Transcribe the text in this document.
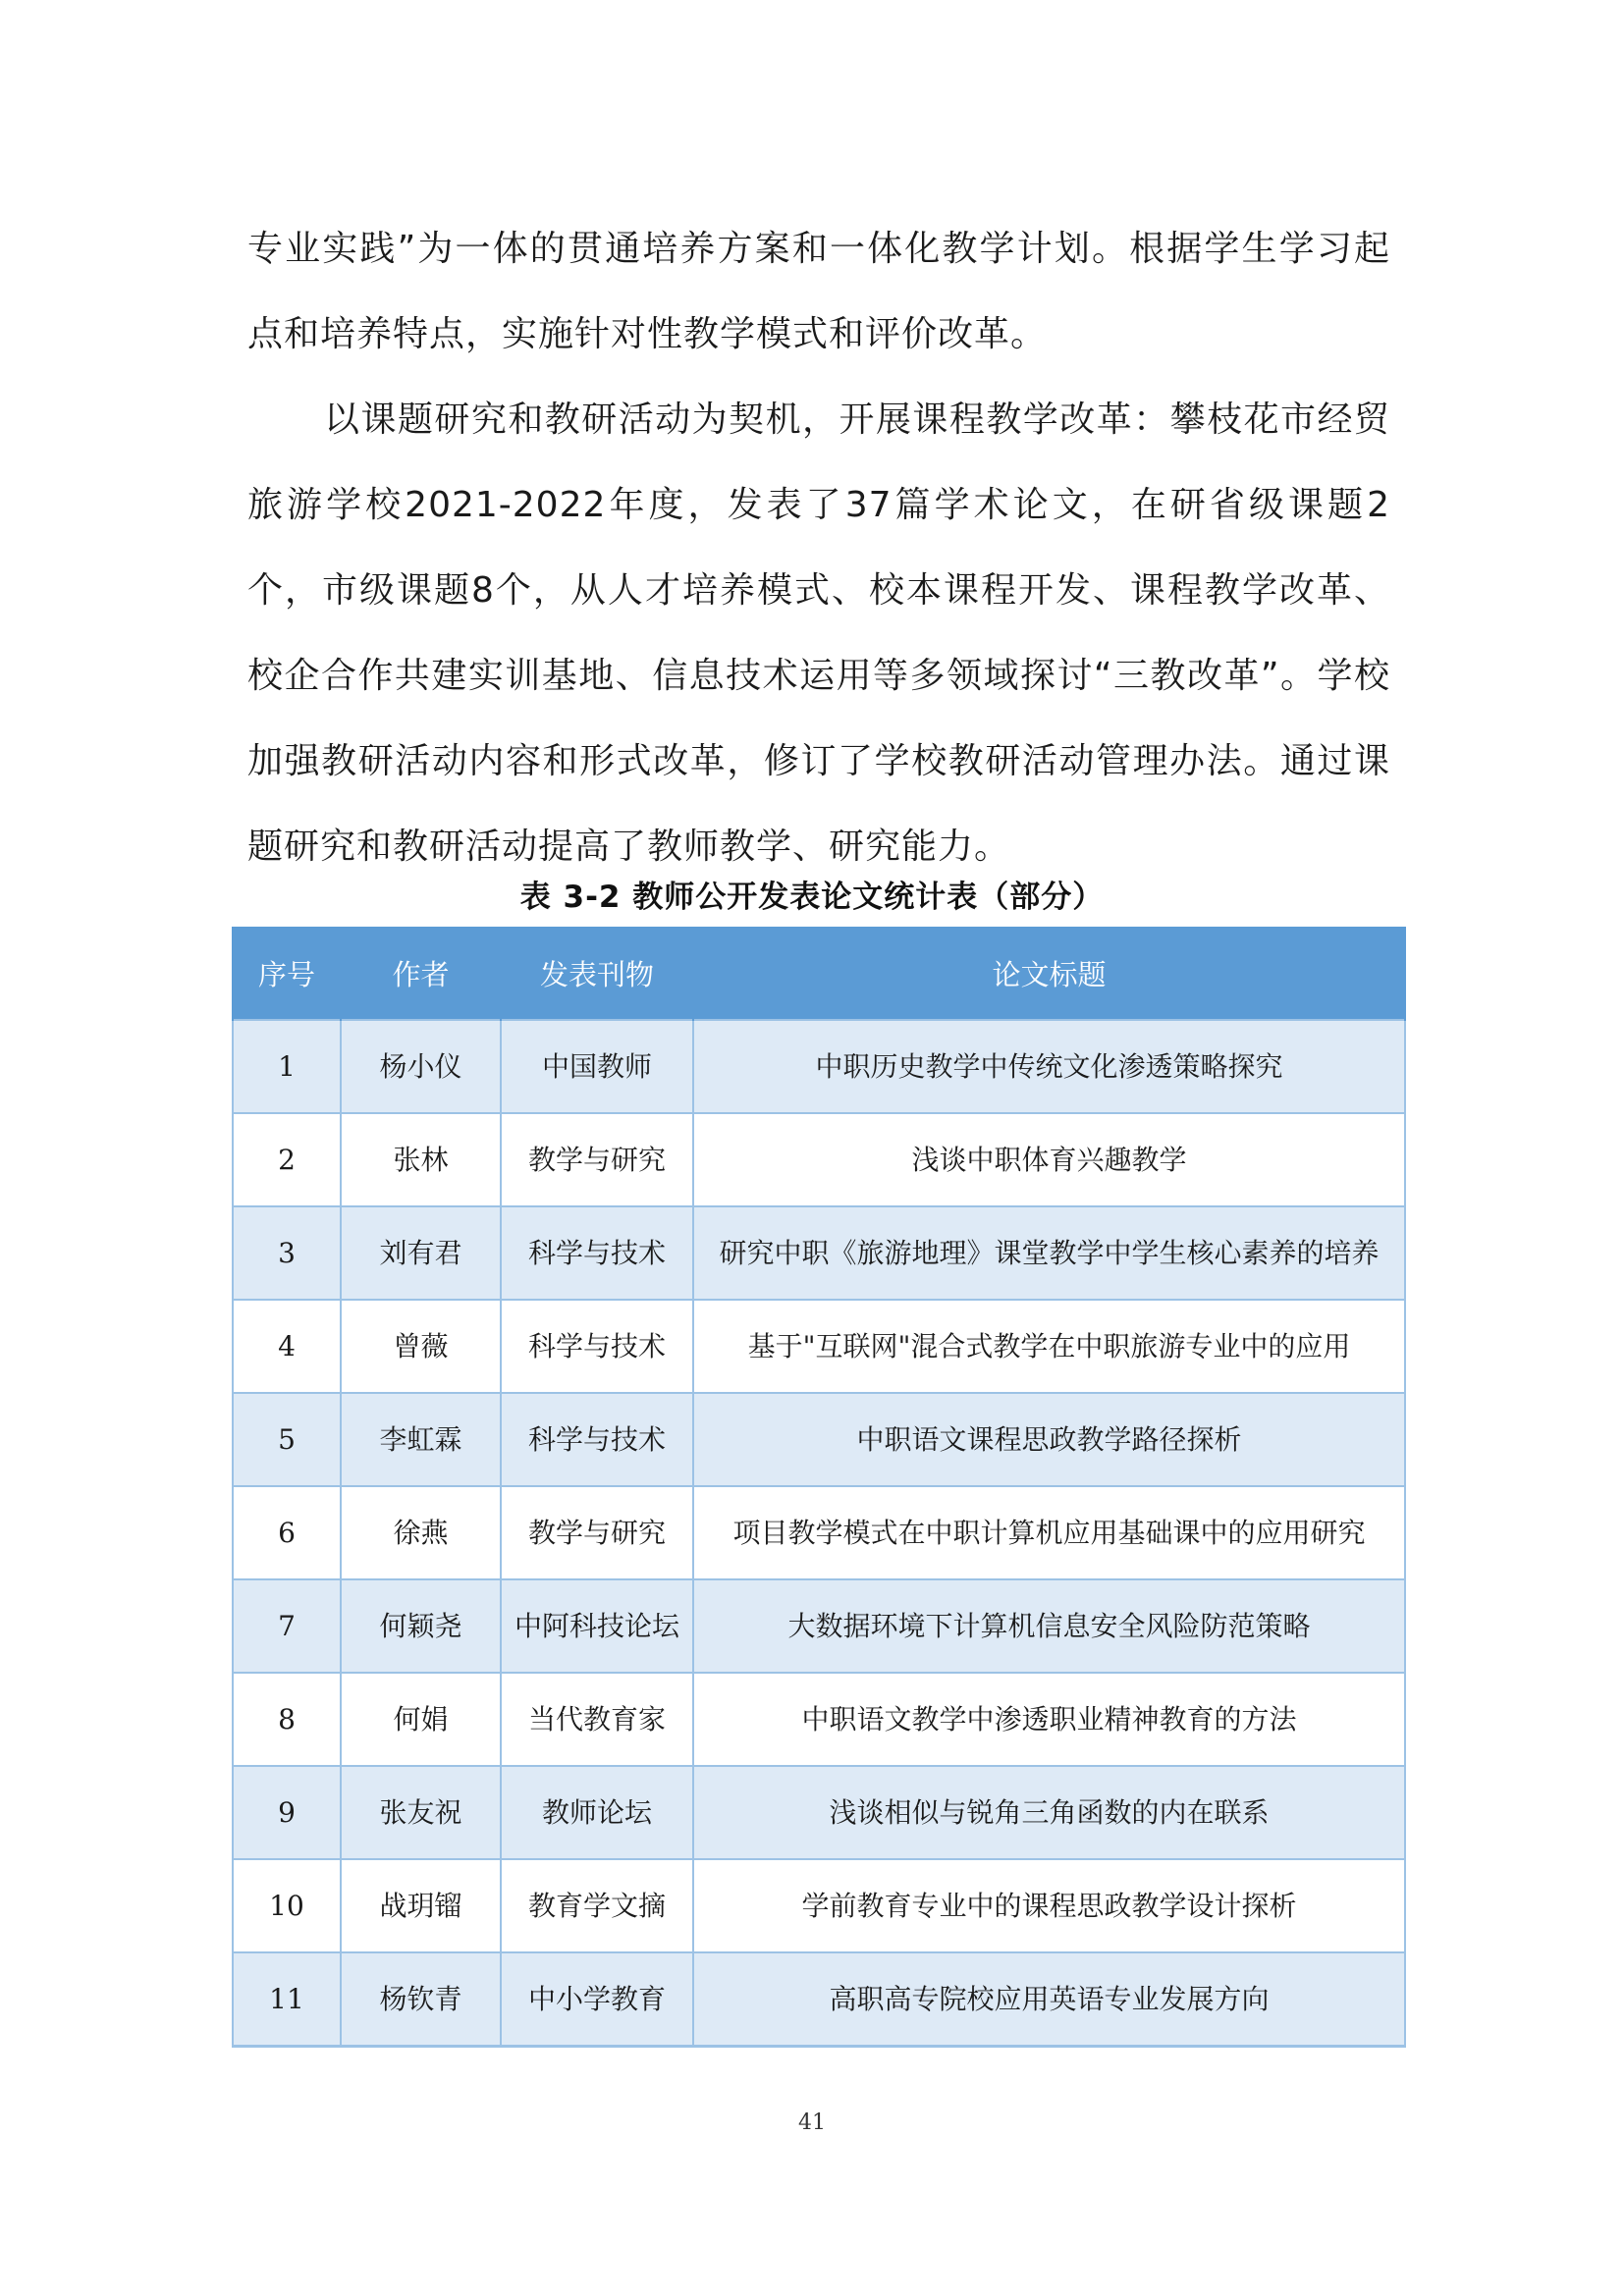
专业实践”为一体的贯通培养方案和一体化教学计划。根据学生学习起点和培养特点，实施针对性教学模式和评价改革。

以课题研究和教研活动为契机，开展课程教学改革：攀枝花市经贸旅游学校2021-2022年度，发表了37篇学术论文，在研省级课题2个，市级课题8个，从人才培养模式、校本课程开发、课程教学改革、校企合作共建实训基地、信息技术运用等多领域探讨“三教改革”。学校加强教研活动内容和形式改革，修订了学校教研活动管理办法。通过课题研究和教研活动提高了教师教学、研究能力。

表 3-2 教师公开发表论文统计表（部分）
序号	作者	发表刊物	论文标题
1	杨小仪	中国教师	中职历史教学中传统文化渗透策略探究
2	张林	教学与研究	浅谈中职体育兴趣教学
3	刘有君	科学与技术	研究中职《旅游地理》课堂教学中学生核心素养的培养
4	曾薇	科学与技术	基于"互联网"混合式教学在中职旅游专业中的应用
5	李虹霖	科学与技术	中职语文课程思政教学路径探析
6	徐燕	教学与研究	项目教学模式在中职计算机应用基础课中的应用研究
7	何颖尧	中阿科技论坛	大数据环境下计算机信息安全风险防范策略
8	何娟	当代教育家	中职语文教学中渗透职业精神教育的方法
9	张友祝	教师论坛	浅谈相似与锐角三角函数的内在联系
10	战玥镏	教育学文摘	学前教育专业中的课程思政教学设计探析
11	杨钦青	中小学教育	高职高专院校应用英语专业发展方向
41
